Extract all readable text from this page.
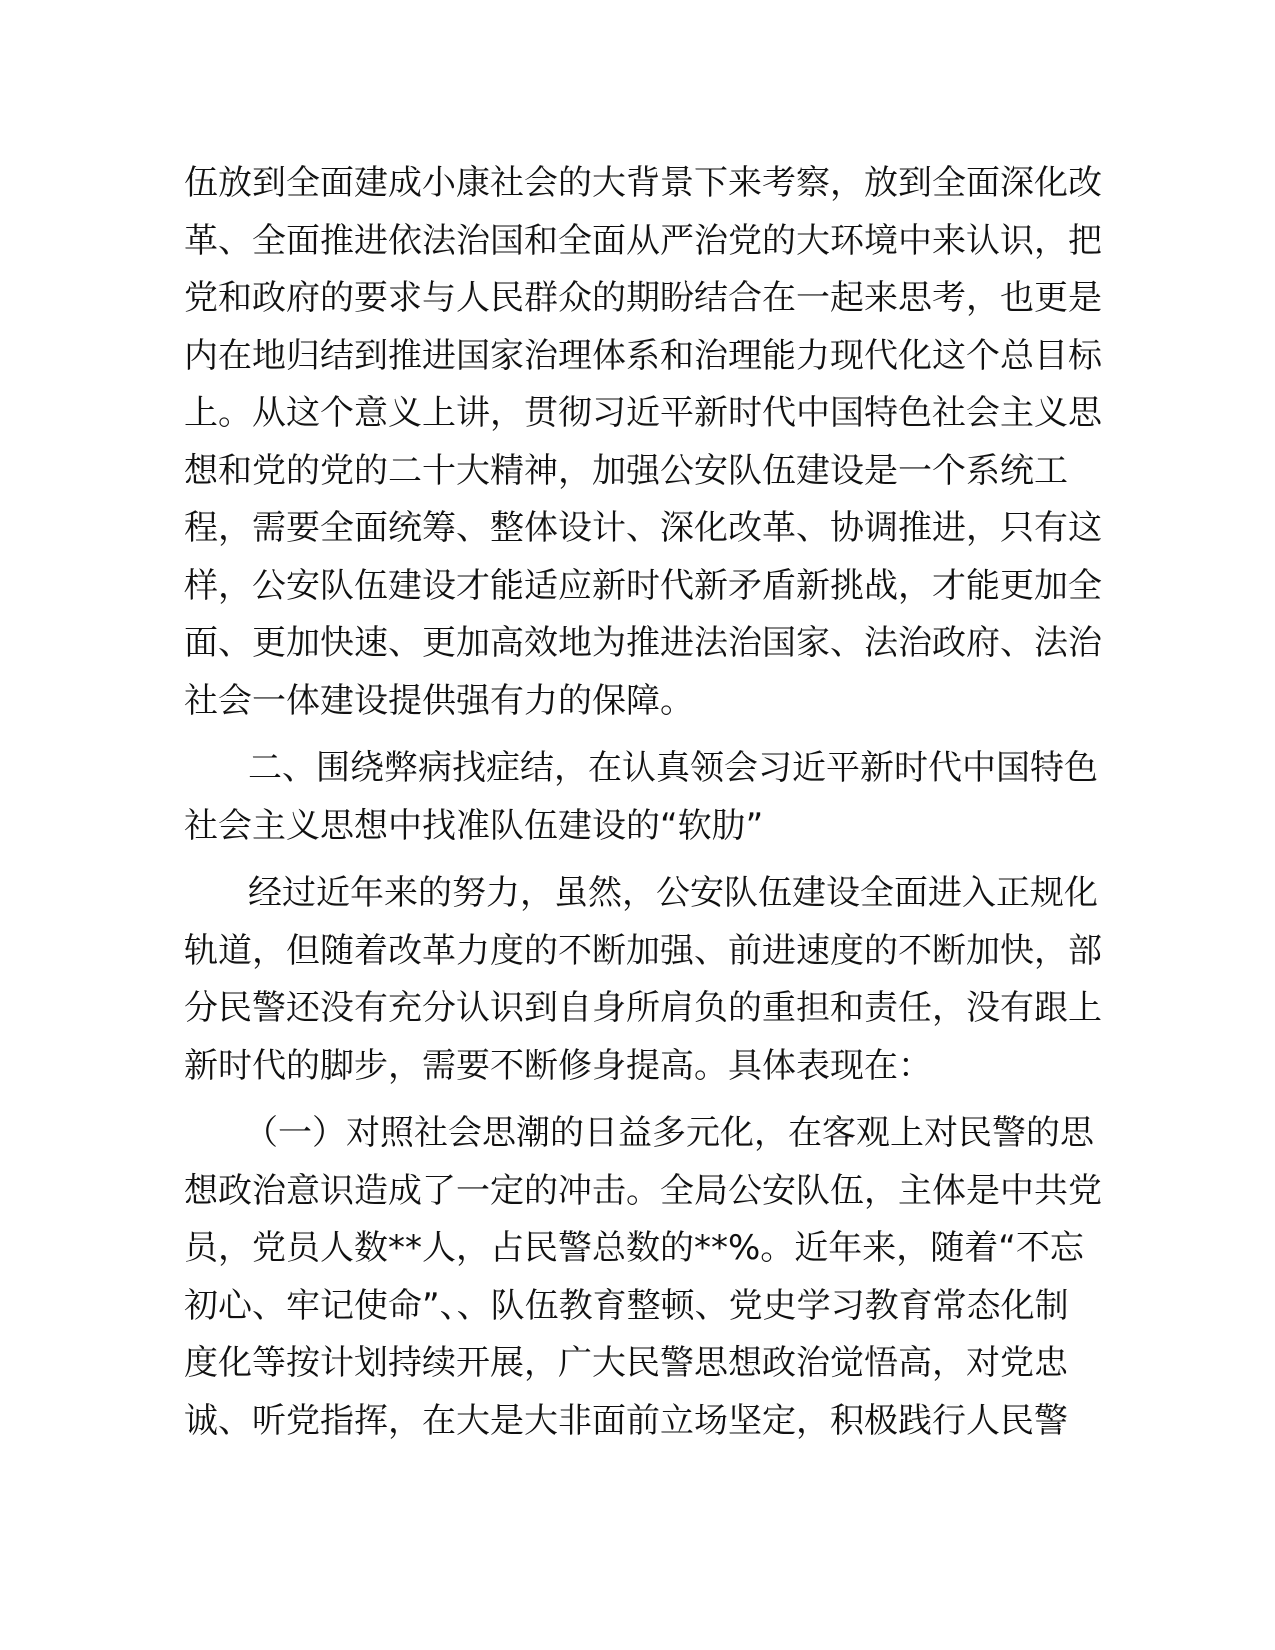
伍放到全面建成小康社会的大背景下来考察，放到全面深化改
革、全面推进依法治国和全面从严治党的大环境中来认识，把
党和政府的要求与人民群众的期盼结合在一起来思考，也更是
内在地归结到推进国家治理体系和治理能力现代化这个总目标
上。从这个意义上讲，贯彻习近平新时代中国特色社会主义思
想和党的党的二十大精神，加强公安队伍建设是一个系统工
程，需要全面统筹、整体设计、深化改革、协调推进，只有这
样，公安队伍建设才能适应新时代新矛盾新挑战，才能更加全
面、更加快速、更加高效地为推进法治国家、法治政府、法治
社会一体建设提供强有力的保障。
二、围绕弊病找症结，在认真领会习近平新时代中国特色
社会主义思想中找准队伍建设的“软肋”
经过近年来的努力，虽然，公安队伍建设全面进入正规化
轨道，但随着改革力度的不断加强、前进速度的不断加快，部
分民警还没有充分认识到自身所肩负的重担和责任，没有跟上
新时代的脚步，需要不断修身提高。具体表现在：
（一）对照社会思潮的日益多元化，在客观上对民警的思
想政治意识造成了一定的冲击。全局公安队伍，主体是中共党
员，党员人数**人，占民警总数的**%。近年来，随着“不忘
初心、牢记使命”、、队伍教育整顿、党史学习教育常态化制
度化等按计划持续开展，广大民警思想政治觉悟高，对党忠
诚、听党指挥，在大是大非面前立场坚定，积极践行人民警
